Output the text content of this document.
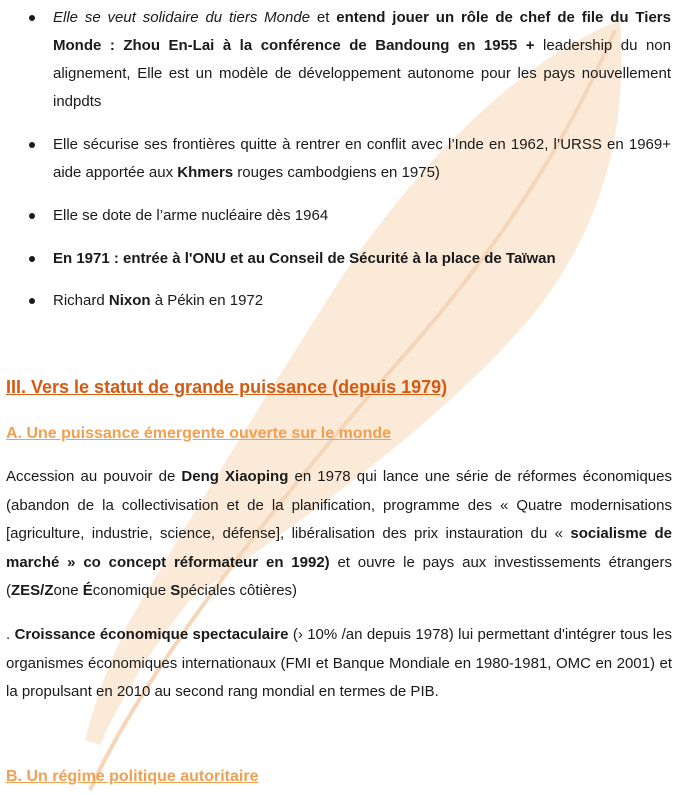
Elle se veut solidaire du tiers Monde et entend jouer un rôle de chef de file du Tiers Monde : Zhou En-Lai à la conférence de Bandoung en 1955 + leadership du non alignement, Elle est un modèle de développement autonome pour les pays nouvellement indpdts

Elle sécurise ses frontières quitte à rentrer en conflit avec l’Inde en 1962, l’URSS en 1969+ aide apportée aux Khmers rouges cambodgiens en 1975)

Elle se dote de l’arme nucléaire dès 1964
En 1971 : entrée à l'ONU et au Conseil de Sécurité à la place de Taïwan
Richard Nixon à Pékin en 1972
III. Vers le statut de grande puissance (depuis 1979)
A. Une puissance émergente ouverte sur le monde

Accession au pouvoir de Deng Xiaoping en 1978 qui lance une série de réformes économiques (abandon de la collectivisation et de la planification, programme des « Quatre modernisations [agriculture, industrie, science, défense], libéralisation des prix instauration du « socialisme de marché » co concept réformateur en 1992) et ouvre le pays aux investissements étrangers (ZES/Zone Économique Spéciales côtières)

. Croissance économique spectaculaire (› 10% /an depuis 1978) lui permettant d'intégrer tous les organismes économiques internationaux (FMI et Banque Mondiale en 1980-1981, OMC en 2001) et la propulsant en 2010 au second rang mondial en termes de PIB.

B. Un régime politique autoritaire
